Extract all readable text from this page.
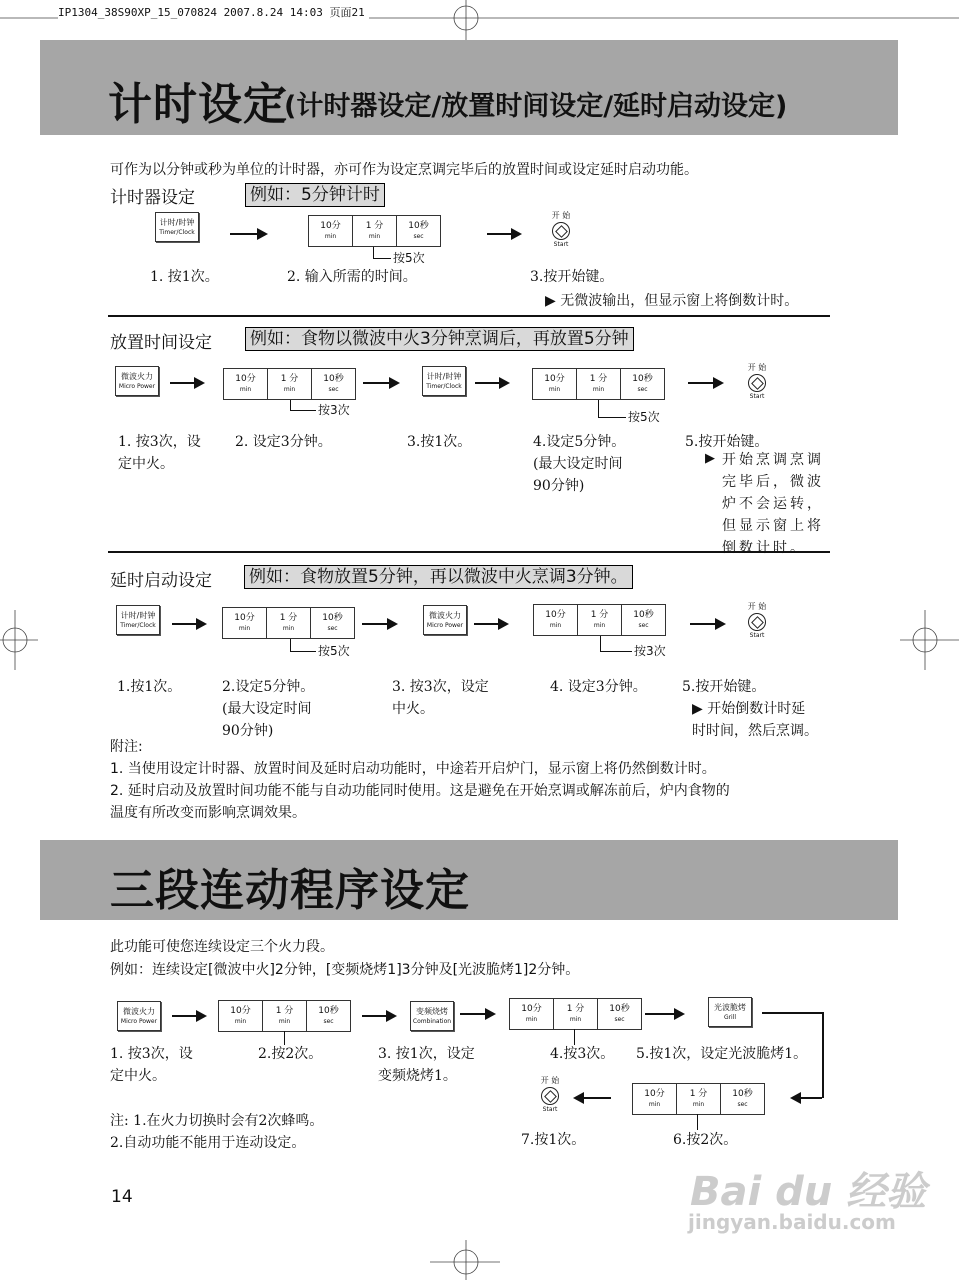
IP1304_38S90XP_15_070824 2007.8.24 14:03 页面21
计时设定
(计时器设定/放置时间设定/延时启动设定)
可作为以分钟或秒为单位的计时器，亦可作为设定烹调完毕后的放置时间或设定延时启动功能。
计时器设定	例如：5分钟计时
放置时间设定 例如：食物以微波中火3分钟烹调后，再放置5分钟
延时启动设定 例如：食物放置5分钟，再以微波中火烹调3分钟。
附注:
1. 当使用设定计时器、放置时间及延时启动功能时，中途若开启炉门，显示窗上将仍然倒数计时。
2. 延时启动及放置时间功能不能与自动功能同时使用。这是避免在开始烹调或解冻前后，炉内食物的
温度有所改变而影响烹调效果。
三段连动程序设定
此功能可使您连续设定三个火力段。
例如：连续设定[微波中火]2分钟，[变频烧烤1]3分钟及[光波脆烤1]2分钟。
注: 1.在火力切换时会有2次蜂鸣。
2.自动功能不能用于连动设定。
14	Bai du 经验
jingyan.baidu.com
计时/时钟
Timer/Clock
10分
min
1 分
min
10秒
sec
按5次
开 始
Start
1. 按1次。	2. 输入所需的时间。	3.按开始键。
▶ 无微波输出，但显示窗上将倒数计时。
微波火力
Micro Power
10分
min
1 分
min
10秒
sec
按3次
计时/时钟
Timer/Clock
10分
min
1 分
min
10秒
sec
按5次
开 始
Start
1. 按3次，设
定中火。
2. 设定3分钟。	3.按1次。	4.设定5分钟。
(最大设定时间
90分钟)
5.按开始键。
▶ 开始烹调烹调
完毕后，微波
炉不会运转，
但显示窗上将
倒数计时。
计时/时钟
Timer/Clock
10分
min
1 分
min
10秒
sec
按5次
微波火力
Micro Power
10分
min
1 分
min
10秒
sec
按3次
开 始
Start
1.按1次。	2.设定5分钟。
(最大设定时间
90分钟)
3. 按3次，设定
中火。
4. 设定3分钟。	5.按开始键。
▶ 开始倒数计时延
时时间，然后烹调。
微波火力
Micro Power
10分
min
1 分
min
10秒
sec
变频烧烤
Combination
10分
min
1 分
min
10秒
sec
光波脆烤
Grill
10分
min
1 分
min
10秒
sec
开 始
Start
1. 按3次，设
定中火。
2.按2次。	3. 按1次，设定
变频烧烤1。
4.按3次。 5.按1次，设定光波脆烤1。
6.按2次。
7.按1次。
